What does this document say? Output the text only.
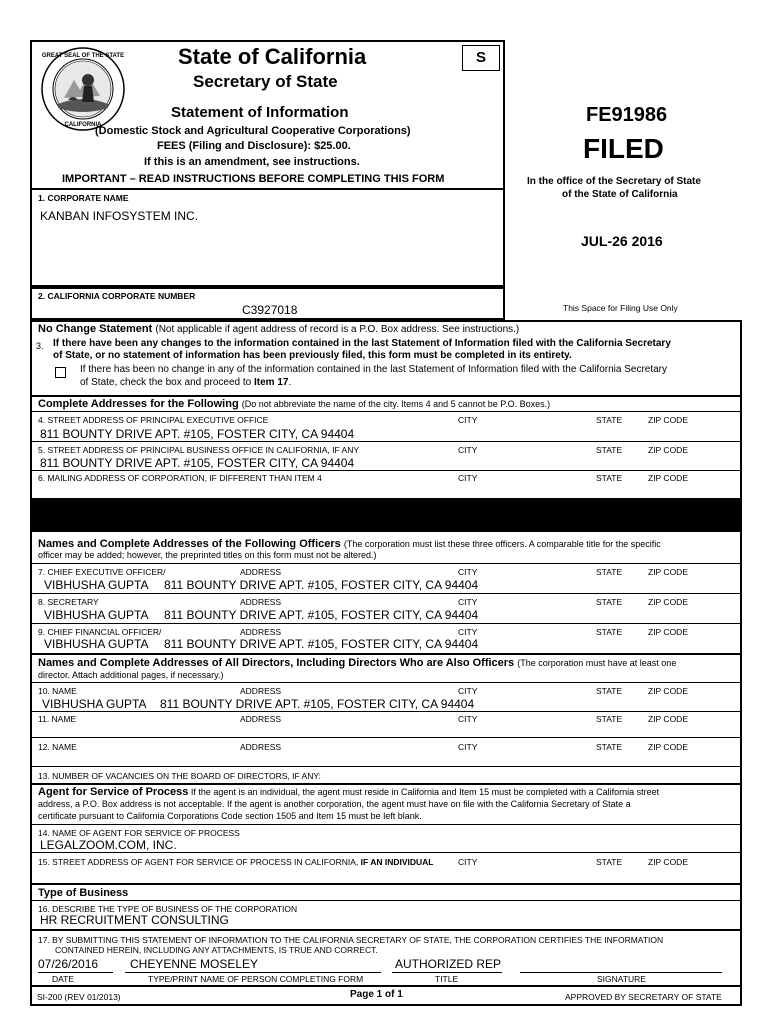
GREAT SEAL OF THE STATE
CALIFORNIA
State of California
Secretary of State
S
Statement of Information
(Domestic Stock and Agricultural Cooperative Corporations)
FEES (Filing and Disclosure): $25.00.
If this is an amendment, see instructions.
IMPORTANT – READ INSTRUCTIONS BEFORE COMPLETING THIS FORM
1. CORPORATE NAME
KANBAN INFOSYSTEM INC.
2. CALIFORNIA CORPORATE NUMBER
C3927018
FE91986
FILED
In the office of the Secretary of State
of the State of California
JUL-26 2016
This Space for Filing Use Only
No Change Statement (Not applicable if agent address of record is a P.O. Box address. See instructions.)
3. If there have been any changes to the information contained in the last Statement of Information filed with the California Secretary
of State, or no statement of information has been previously filed, this form must be completed in its entirety.
If there has been no change in any of the information contained in the last Statement of Information filed with the California Secretary
of State, check the box and proceed to Item 17.
Complete Addresses for the Following (Do not abbreviate the name of the city. Items 4 and 5 cannot be P.O. Boxes.)
4. STREET ADDRESS OF PRINCIPAL EXECUTIVE OFFICE	CITY	STATE	ZIP CODE
811 BOUNTY DRIVE APT. #105, FOSTER CITY, CA 94404
5. STREET ADDRESS OF PRINCIPAL BUSINESS OFFICE IN CALIFORNIA, IF ANY	CITY	STATE	ZIP CODE
811 BOUNTY DRIVE APT. #105, FOSTER CITY, CA 94404
6. MAILING ADDRESS OF CORPORATION, IF DIFFERENT THAN ITEM 4	CITY	STATE	ZIP CODE
Names and Complete Addresses of the Following Officers (The corporation must list these three officers. A comparable title for the specific
officer may be added; however, the preprinted titles on this form must not be altered.)
7. CHIEF EXECUTIVE OFFICER/	ADDRESS	CITY	STATE	ZIP CODE
VIBHUSHA GUPTA 811 BOUNTY DRIVE APT. #105, FOSTER CITY, CA 94404
8. SECRETARY	ADDRESS	CITY	STATE	ZIP CODE
VIBHUSHA GUPTA 811 BOUNTY DRIVE APT. #105, FOSTER CITY, CA 94404
9. CHIEF FINANCIAL OFFICER/	ADDRESS	CITY	STATE	ZIP CODE
VIBHUSHA GUPTA 811 BOUNTY DRIVE APT. #105, FOSTER CITY, CA 94404
Names and Complete Addresses of All Directors, Including Directors Who are Also Officers (The corporation must have at least one
director. Attach additional pages, if necessary.)
10. NAME	ADDRESS	CITY	STATE	ZIP CODE
VIBHUSHA GUPTA 811 BOUNTY DRIVE APT. #105, FOSTER CITY, CA 94404
11. NAME	ADDRESS	CITY	STATE	ZIP CODE
12. NAME	ADDRESS	CITY	STATE	ZIP CODE
13. NUMBER OF VACANCIES ON THE BOARD OF DIRECTORS, IF ANY:
Agent for Service of Process If the agent is an individual, the agent must reside in California and Item 15 must be completed with a California street
address, a P.O. Box address is not acceptable. If the agent is another corporation, the agent must have on file with the California Secretary of State a
certificate pursuant to California Corporations Code section 1505 and Item 15 must be left blank.
14. NAME OF AGENT FOR SERVICE OF PROCESS
LEGALZOOM.COM, INC.
15. STREET ADDRESS OF AGENT FOR SERVICE OF PROCESS IN CALIFORNIA, IF AN INDIVIDUAL	CITY	STATE	ZIP CODE
Type of Business
16. DESCRIBE THE TYPE OF BUSINESS OF THE CORPORATION
HR RECRUITMENT CONSULTING
17. BY SUBMITTING THIS STATEMENT OF INFORMATION TO THE CALIFORNIA SECRETARY OF STATE, THE CORPORATION CERTIFIES THE INFORMATION
CONTAINED HEREIN, INCLUDING ANY ATTACHMENTS, IS TRUE AND CORRECT.
07/26/2016	CHEYENNE MOSELEY	AUTHORIZED REP
DATE	TYPE/PRINT NAME OF PERSON COMPLETING FORM	TITLE	SIGNATURE
SI-200 (REV 01/2013)	Page 1 of 1	APPROVED BY SECRETARY OF STATE
